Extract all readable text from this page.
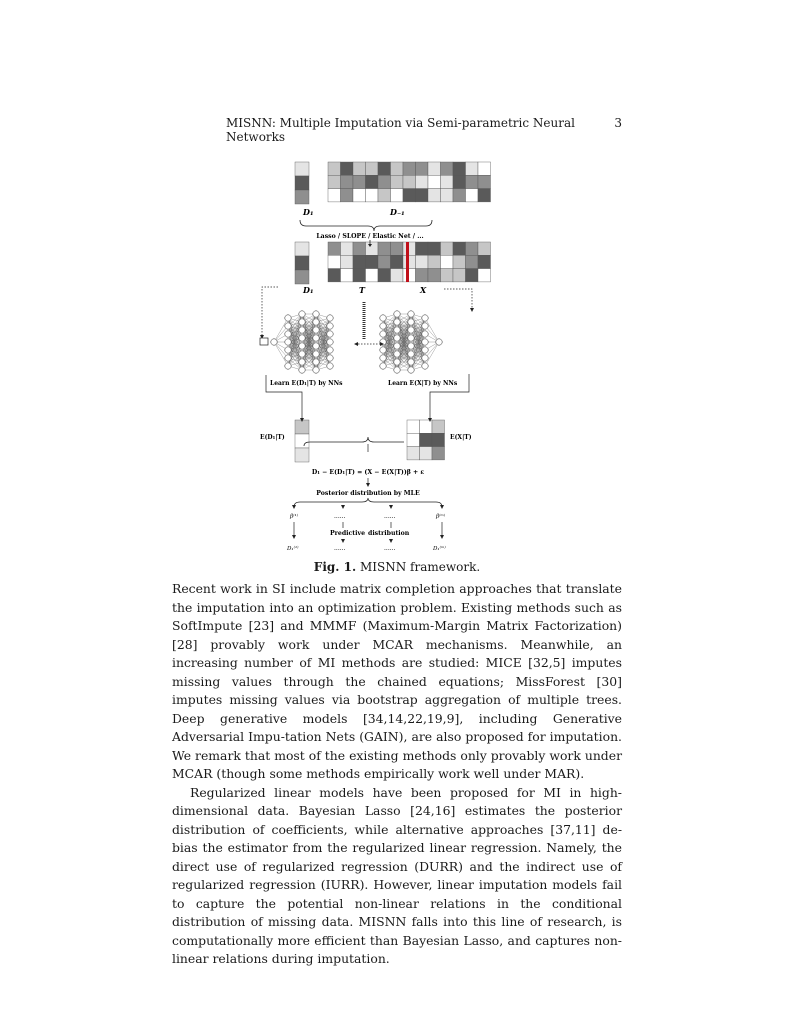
MISNN: Multiple Imputation via Semi-parametric Neural Networks
3
D₁	D₋₁
Lasso / SLOPE / Elastic Net / ...
D₁	T	X
Learn E(D₁|T) by NNs	Learn E(X|T) by NNs
E(D₁|T)	E(X|T)
D₁ − E(D₁|T) = (X − E(X|T))β + ε
Posterior distribution by MLE
β⁽¹⁾	......	......	β⁽ᵐ⁾
Predictive distribution
D₁⁽¹⁾	......	......	D₁⁽ᵐ⁾
Fig. 1. MISNN framework.

Recent work in SI include matrix completion approaches that translate the imputation into an optimization problem. Existing methods such as SoftImpute [23] and MMMF (Maximum-Margin Matrix Factorization) [28] provably work under MCAR mechanisms. Meanwhile, an increasing number of MI methods are studied: MICE [32,5] imputes missing values through the chained equations; MissForest [30] imputes missing values via bootstrap aggregation of multiple trees. Deep generative models [34,14,22,19,9], including Generative Adversarial Impu-tation Nets (GAIN), are also proposed for imputation. We remark that most of the existing methods only provably work under MCAR (though some methods empirically work well under MAR).

Regularized linear models have been proposed for MI in high-dimensional data. Bayesian Lasso [24,16] estimates the posterior distribution of coefficients, while alternative approaches [37,11] de-bias the estimator from the regularized linear regression. Namely, the direct use of regularized regression (DURR) and the indirect use of regularized regression (IURR). However, linear imputation models fail to capture the potential non-linear relations in the conditional distribution of missing data. MISNN falls into this line of research, is computationally more efficient than Bayesian Lasso, and captures non-linear relations during imputation.
